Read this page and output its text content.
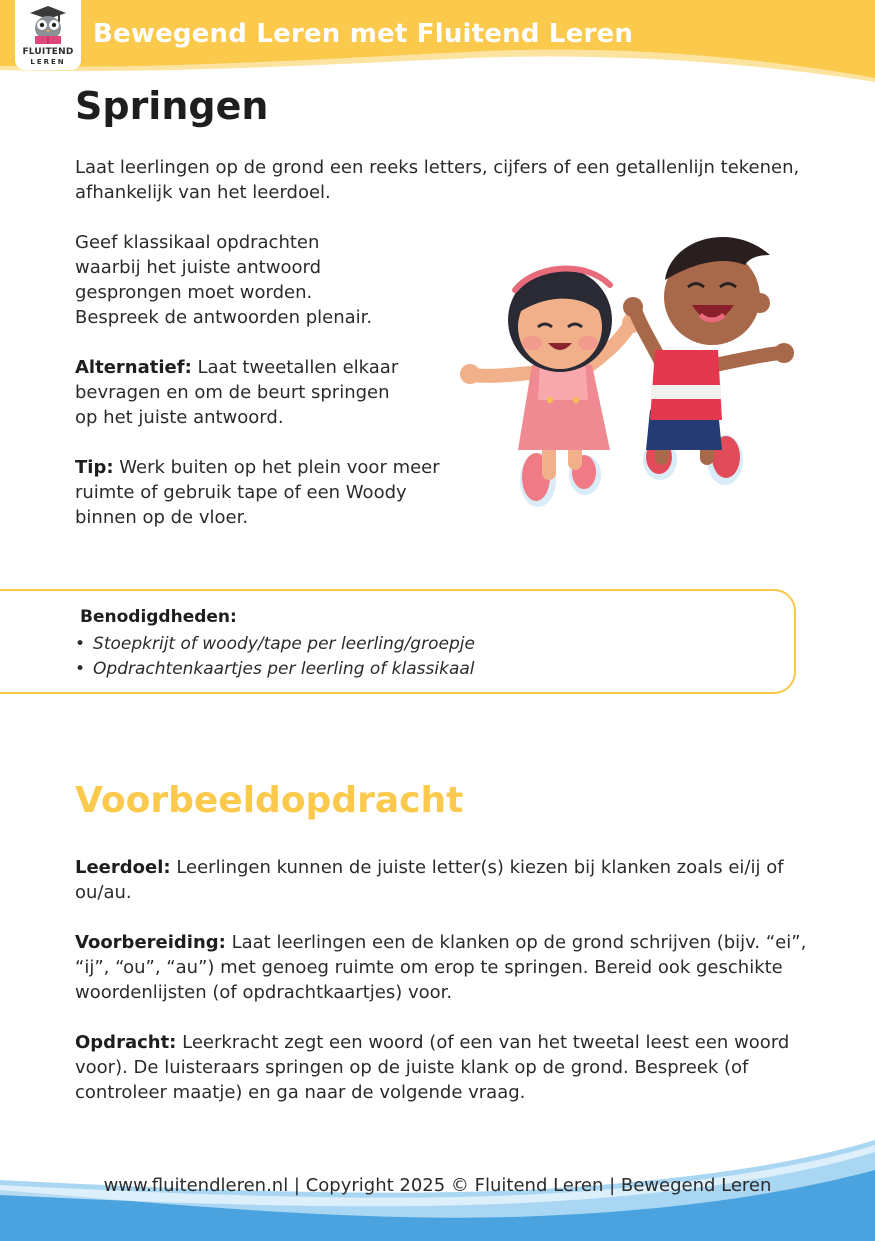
FLUITEND
LEREN
Bewegend Leren met Fluitend Leren
Springen

Laat leerlingen op de grond een reeks letters, cijfers of een getallenlijn tekenen, afhankelijk van het leerdoel.

Geef klassikaal opdrachten
waarbij het juiste antwoord
gesprongen moet worden.
Bespreek de antwoorden plenair.

Alternatief: Laat tweetallen elkaar
bevragen en om de beurt springen
op het juiste antwoord.

Tip: Werk buiten op het plein voor meer
ruimte of gebruik tape of een Woody
binnen op de vloer.

Benodigdheden:
• Stoepkrijt of woody/tape per leerling/groepje
• Opdrachtenkaartjes per leerling of klassikaal
Voorbeeldopdracht

Leerdoel: Leerlingen kunnen de juiste letter(s) kiezen bij klanken zoals ei/ij of ou/au.

Voorbereiding: Laat leerlingen een de klanken op de grond schrijven (bijv. “ei”, “ij”, “ou”, “au”) met genoeg ruimte om erop te springen. Bereid ook geschikte woordenlijsten (of opdrachtkaartjes) voor.

Opdracht: Leerkracht zegt een woord (of een van het tweetal leest een woord voor). De luisteraars springen op de juiste klank op de grond. Bespreek (of controleer maatje) en ga naar de volgende vraag.

www.fluitendleren.nl | Copyright 2025 © Fluitend Leren | Bewegend Leren
